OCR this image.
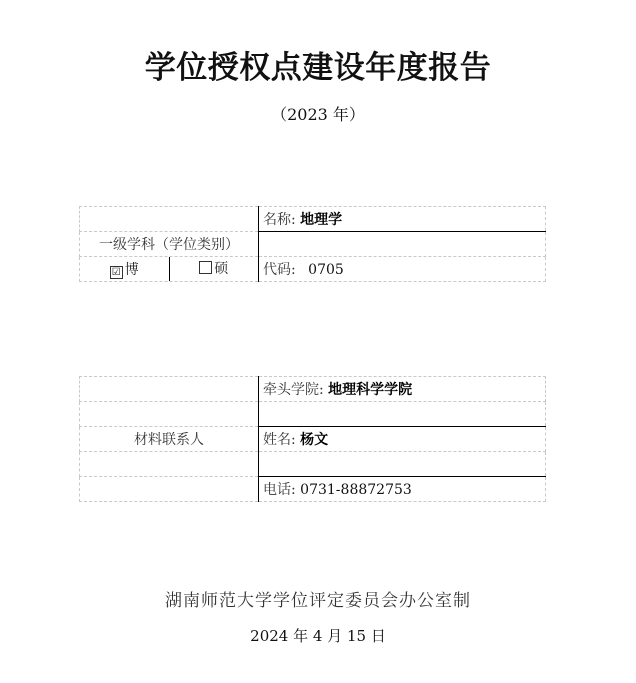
学位授权点建设年度报告
（2023 年）
	名称: 地理学
一级学科（学位类别）	

☑ 博 硕	代码: 0705
	牵头学院: 地理科学学院

材料联系人	姓名: 杨文

	电话: 0731-88872753
湖南师范大学学位评定委员会办公室制
2024 年 4 月 15 日
